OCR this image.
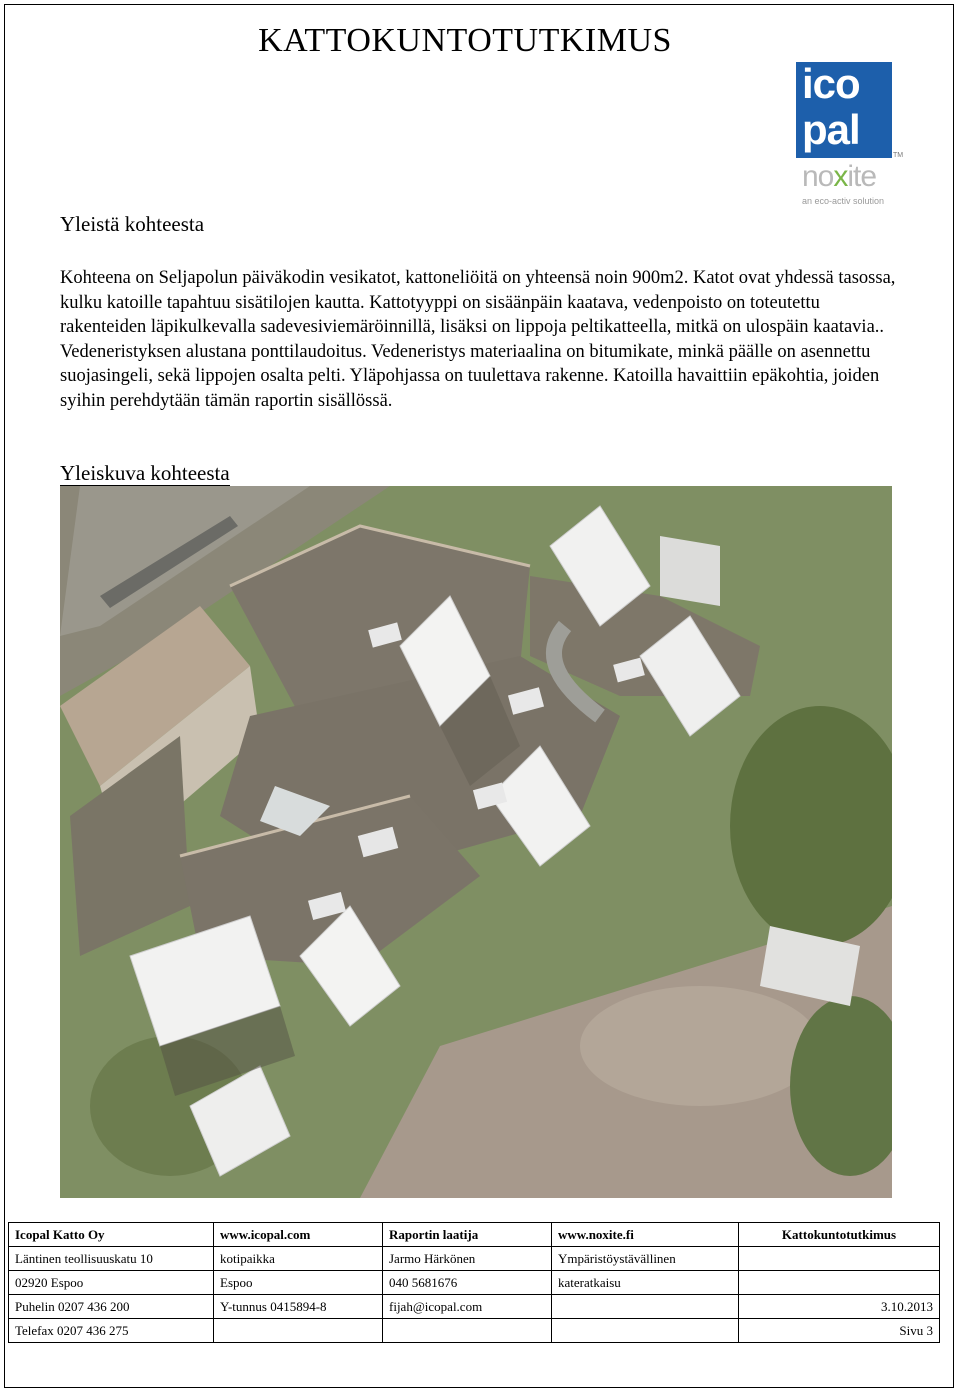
KATTOKUNTOTUTKIMUS
ico
pal
TM
noxite
an eco-activ solution
Yleistä kohteesta
Kohteena on Seljapolun päiväkodin vesikatot, kattoneliöitä on yhteensä noin 900m2. Katot ovat yhdessä tasossa, kulku katoille tapahtuu sisätilojen kautta. Kattotyyppi on sisäänpäin kaatava, vedenpoisto on toteutettu rakenteiden läpikulkevalla sadevesiviemäröinnillä, lisäksi on lippoja peltikatteella, mitkä on ulospäin kaatavia.. Vedeneristyksen alustana ponttilaudoitus. Vedeneristys materiaalina on bitumikate, minkä päälle on asennettu suojasingeli, sekä lippojen osalta pelti. Yläpohjassa on tuulettava rakenne. Katoilla havaittiin epäkohtia, joiden syihin perehdytään tämän raportin sisällössä.
Yleiskuva kohteesta
Icopal Katto Oy	www.icopal.com	Raportin laatija	www.noxite.fi	Kattokuntotutkimus
Läntinen teollisuuskatu 10	kotipaikka	Jarmo Härkönen	Ympäristöystävällinen	
02920 Espoo	Espoo	040 5681676	kateratkaisu	
Puhelin 0207 436 200	Y-tunnus 0415894-8	fijah@icopal.com		3.10.2013
Telefax 0207 436 275				Sivu 3
